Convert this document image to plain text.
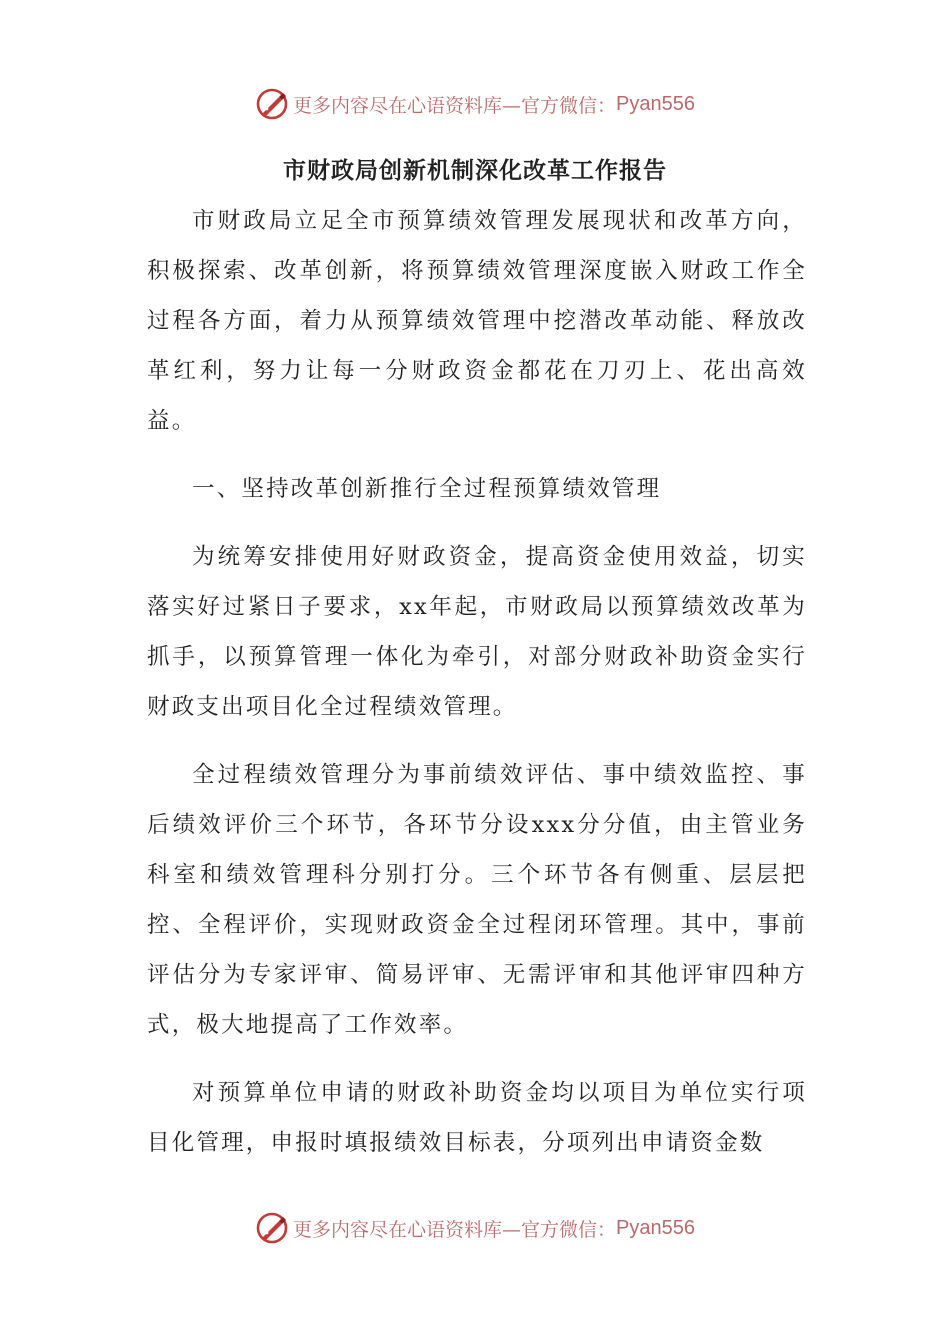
更多内容尽在心语资料库— 官方微信： Pyan556
市财政局创新机制深化改革工作报告

市财政局立足全市预算绩效管理发展现状和改革方向，积极探索、改革创新，将预算绩效管理深度嵌入财政工作全过程各方面，着力从预算绩效管理中挖潜改革动能、释放改革红利，努力让每一分财政资金都花在刀刃上、花出高效益。

一、坚持改革创新推行全过程预算绩效管理

为统筹安排使用好财政资金，提高资金使用效益，切实落实好过紧日子要求，xx年起，市财政局以预算绩效改革为抓手，以预算管理一体化为牵引，对部分财政补助资金实行财政支出项目化全过程绩效管理。

全过程绩效管理分为事前绩效评估、事中绩效监控、事后绩效评价三个环节，各环节分设xxx分分值，由主管业务科室和绩效管理科分别打分。三个环节各有侧重、层层把控、全程评价，实现财政资金全过程闭环管理。其中，事前评估分为专家评审、简易评审、无需评审和其他评审四种方式，极大地提高了工作效率。

对预算单位申请的财政补助资金均以项目为单位实行项目化管理，申报时填报绩效目标表，分项列出申请资金数

更多内容尽在心语资料库— 官方微信： Pyan556
